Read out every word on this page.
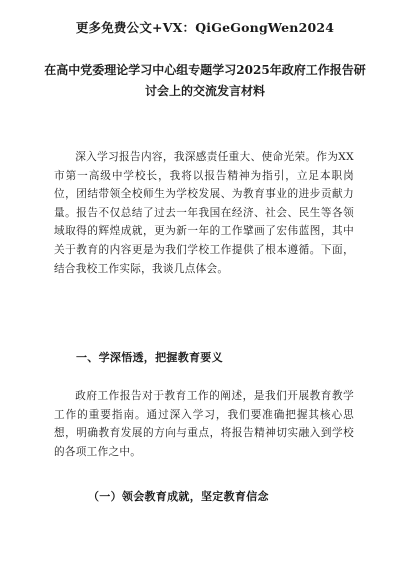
更多免费公文+VX：QiGeGongWen2024
在高中党委理论学习中心组专题学习2025年政府工作报告研讨会上的交流发言材料
深入学习报告内容，我深感责任重大、使命光荣。作为XX市第一高级中学校长，我将以报告精神为指引，立足本职岗位，团结带领全校师生为学校发展、为教育事业的进步贡献力量。报告不仅总结了过去一年我国在经济、社会、民生等各领域取得的辉煌成就，更为新一年的工作擘画了宏伟蓝图，其中关于教育的内容更是为我们学校工作提供了根本遵循。下面，结合我校工作实际，我谈几点体会。
一、学深悟透，把握教育要义
政府工作报告对于教育工作的阐述，是我们开展教育教学工作的重要指南。通过深入学习，我们要准确把握其核心思想，明确教育发展的方向与重点，将报告精神切实融入到学校的各项工作之中。
（一）领会教育成就，坚定教育信念
